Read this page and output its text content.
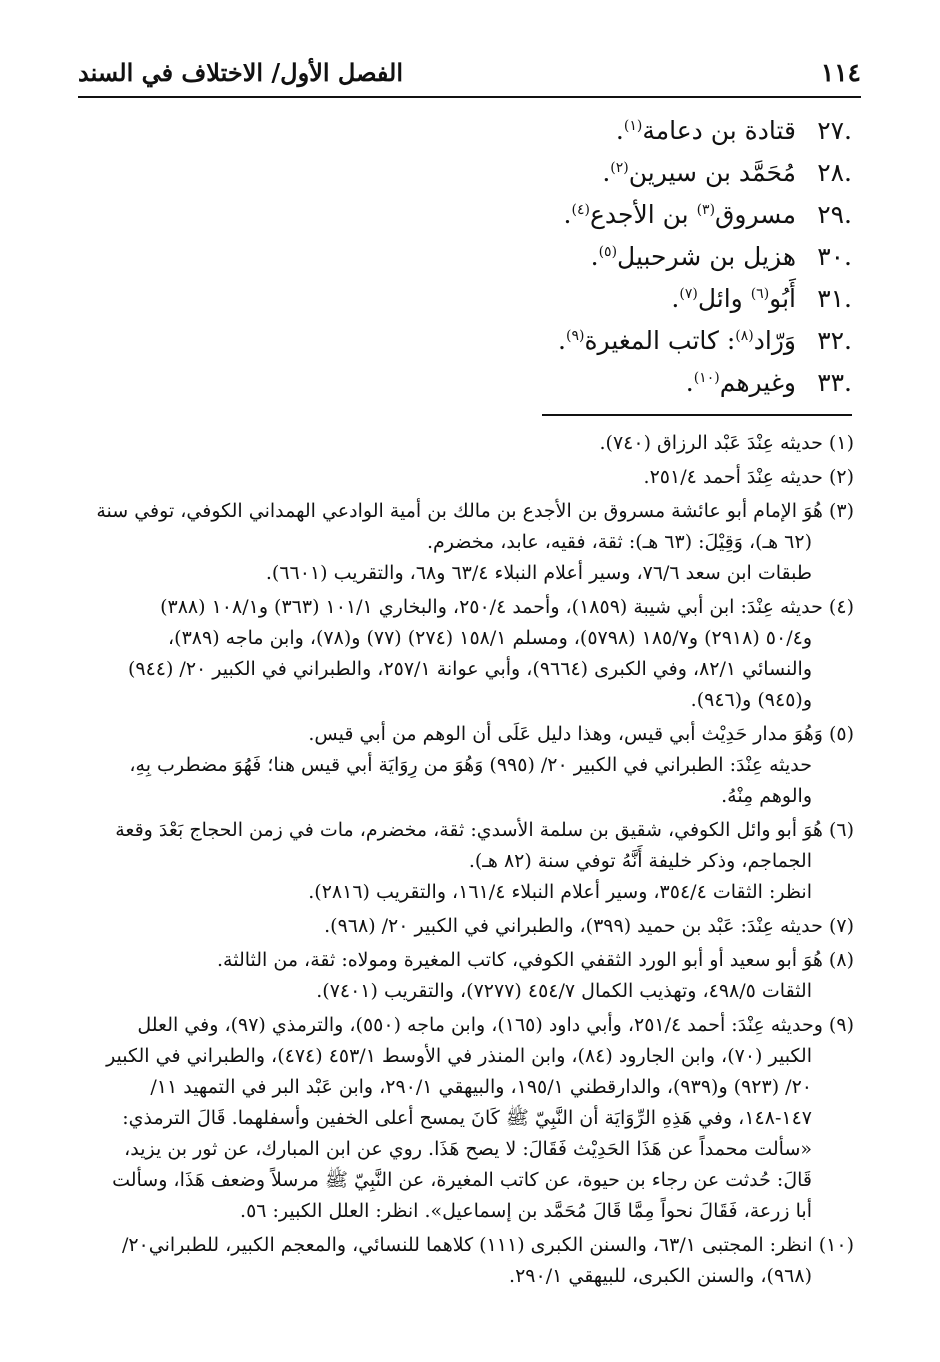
١١٤
الفصل الأول/ الاختلاف في السند
.٢٧قتادة بن دعامة$^{(١)}$.
.٢٨مُحَمَّد بن سيرين$^{(٢)}$.
.٢٩مسروق$^{(٣)}$ بن الأجدع$^{(٤)}$.
.٣٠هزيل بن شرحبيل$^{(٥)}$.
.٣١أَبُو$^{(٦)}$ وائل$^{(٧)}$.
.٣٢وَرّاد$^{(٨)}$: كاتب المغيرة$^{(٩)}$.
.٣٣وغيرهم$^{(١٠)}$.
(١) حديثه عِنْدَ عَبْد الرزاق (٧٤٠).
(٢) حديثه عِنْدَ أحمد ٢٥١/٤.
(٣) هُوَ الإمام أبو عائشة مسروق بن الأجدع بن مالك بن أمية الوادعي الهمداني الكوفي، توفي سنة
(٦٢ هـ)، وَقِيْلَ: (٦٣ هـ): ثقة، فقيه، عابد، مخضرم.
طبقات ابن سعد ٧٦/٦، وسير أعلام النبلاء ٦٣/٤ و٦٨، والتقريب (٦٦٠١).
(٤) حديثه عِنْدَ: ابن أبي شيبة (١٨٥٩)، وأحمد ٢٥٠/٤، والبخاري ١٠١/١ (٣٦٣) و١٠٨/١ (٣٨٨)
و٥٠/٤ (٢٩١٨) و١٨٥/٧ (٥٧٩٨)، ومسلم ١٥٨/١ (٢٧٤) (٧٧) و(٧٨)، وابن ماجه (٣٨٩)،
والنسائي ٨٢/١، وفي الكبرى (٩٦٦٤)، وأبي عوانة ٢٥٧/١، والطبراني في الكبير ٢٠/ (٩٤٤)
و(٩٤٥) و(٩٤٦).
(٥) وَهُوَ مدار حَدِيْث أبي قيس، وهذا دليل عَلَى أن الوهم من أبي قيس.
حديثه عِنْدَ: الطبراني في الكبير ٢٠/ (٩٩٥) وَهُوَ من رِوَايَة أبي قيس هنا؛ فَهُوَ مضطرب بِهِ،
والوهم مِنْهُ.
(٦) هُوَ أبو وائل الكوفي، شقيق بن سلمة الأسدي: ثقة، مخضرم، مات في زمن الحجاج بَعْدَ وقعة
الجماجم، وذكر خليفة أَنَّهُ توفي سنة (٨٢ هـ).
انظر: الثقات ٣٥٤/٤، وسير أعلام النبلاء ١٦١/٤، والتقريب (٢٨١٦).
(٧) حديثه عِنْدَ: عَبْد بن حميد (٣٩٩)، والطبراني في الكبير ٢٠/ (٩٦٨).
(٨) هُوَ أبو سعيد أو أبو الورد الثقفي الكوفي، كاتب المغيرة ومولاه: ثقة، من الثالثة.
الثقات ٤٩٨/٥، وتهذيب الكمال ٤٥٤/٧ (٧٢٧٧)، والتقريب (٧٤٠١).
(٩) وحديثه عِنْدَ: أحمد ٢٥١/٤، وأبي داود (١٦٥)، وابن ماجه (٥٥٠)، والترمذي (٩٧)، وفي العلل
الكبير (٧٠)، وابن الجارود (٨٤)، وابن المنذر في الأوسط ٤٥٣/١ (٤٧٤)، والطبراني في الكبير
٢٠/ (٩٢٣) و(٩٣٩)، والدارقطني ١٩٥/١، والبيهقي ٢٩٠/١، وابن عَبْد البر في التمهيد ١١/
١٤٧-١٤٨، وفي هَذِهِ الرِّوَايَة أن النَّبِيّ ﷺ كَانَ يمسح أعلى الخفين وأسفلهما. قَالَ الترمذي:
«سألت محمداً عن هَذَا الحَدِيْث فَقَالَ: لا يصح هَذَا. روي عن ابن المبارك، عن ثور بن يزيد،
قَالَ: حُدثت عن رجاء بن حيوة، عن كاتب المغيرة، عن النَّبِيّ ﷺ مرسلاً وضعف هَذَا، وسألت
أبا زرعة، فَقَالَ نحواً مِمَّا قَالَ مُحَمَّد بن إسماعيل». انظر: العلل الكبير: ٥٦.
(١٠) انظر: المجتبى ٦٣/١، والسنن الكبرى (١١١) كلاهما للنسائي، والمعجم الكبير، للطبراني٢٠/
(٩٦٨)، والسنن الكبرى، للبيهقي ٢٩٠/١.
